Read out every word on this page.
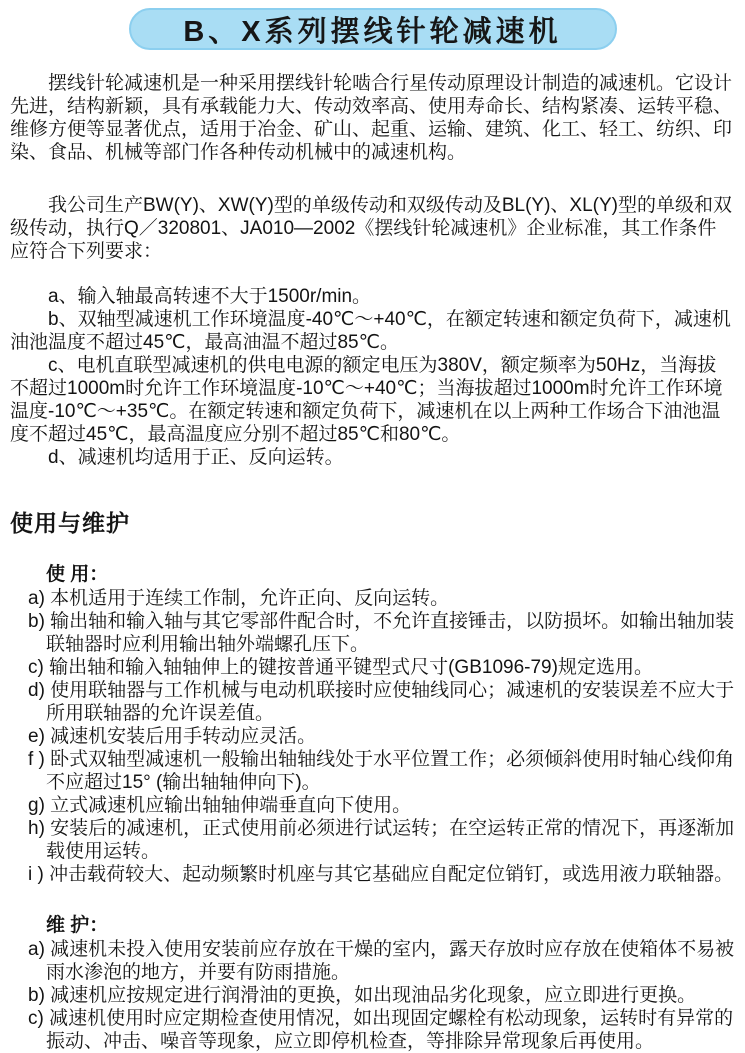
B、X系列摆线针轮减速机

摆线针轮减速机是一种采用摆线针轮啮合行星传动原理设计制造的减速机。它设计先进，结构新颖，具有承载能力大、传动效率高、使用寿命长、结构紧凑、运转平稳、维修方便等显著优点，适用于冶金、矿山、起重、运输、建筑、化工、轻工、纺织、印染、食品、机械等部门作各种传动机械中的减速机构。

我公司生产BW(Y)、XW(Y)型的单级传动和双级传动及BL(Y)、XL(Y)型的单级和双级传动，执行Q／320801、JA010—2002《摆线针轮减速机》企业标准，其工作条件应符合下列要求：

a、输入轴最高转速不大于1500r/min。

b、双轴型减速机工作环境温度-40℃～+40℃，在额定转速和额定负荷下，减速机油池温度不超过45℃，最高油温不超过85℃。

c、电机直联型减速机的供电电源的额定电压为380V，额定频率为50Hz，当海拔不超过1000m时允许工作环境温度-10℃～+40℃；当海拔超过1000m时允许工作环境温度-10℃～+35℃。在额定转速和额定负荷下，减速机在以上两种工作场合下油池温度不超过45℃，最高温度应分别不超过85℃和80℃。

d、减速机均适用于正、反向运转。

使用与维护

使 用：

a) 本机适用于连续工作制，允许正向、反向运转。

b) 输出轴和输入轴与其它零部件配合时，不允许直接锤击，以防损坏。如输出轴加装联轴器时应利用输出轴外端螺孔压下。

c) 输出轴和输入轴轴伸上的键按普通平键型式尺寸(GB1096-79)规定选用。

d) 使用联轴器与工作机械与电动机联接时应使轴线同心；减速机的安装误差不应大于所用联轴器的允许误差值。

e) 减速机安装后用手转动应灵活。

f ) 卧式双轴型减速机一般输出轴轴线处于水平位置工作；必须倾斜使用时轴心线仰角不应超过15° (输出轴轴伸向下)。

g) 立式减速机应输出轴轴伸端垂直向下使用。

h) 安装后的减速机，正式使用前必须进行试运转；在空运转正常的情况下，再逐渐加载使用运转。

i ) 冲击载荷较大、起动频繁时机座与其它基础应自配定位销钉，或选用液力联轴器。

维 护：

a) 减速机未投入使用安装前应存放在干燥的室内，露天存放时应存放在使箱体不易被雨水渗泡的地方，并要有防雨措施。

b) 减速机应按规定进行润滑油的更换，如出现油品劣化现象，应立即进行更换。

c) 减速机使用时应定期检查使用情况，如出现固定螺栓有松动现象，运转时有异常的振动、冲击、噪音等现象，应立即停机检查，等排除异常现象后再使用。
